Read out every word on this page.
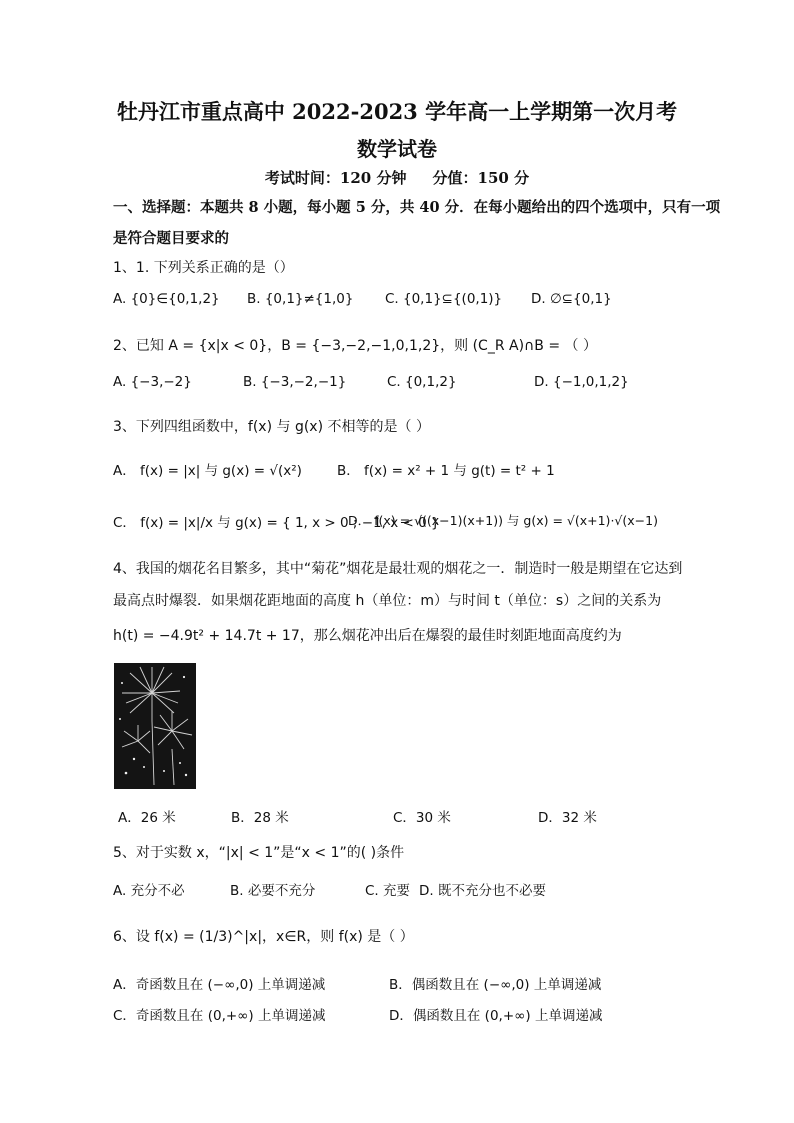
牡丹江市重点高中 2022-2023 学年高一上学期第一次月考
数学试卷
考试时间：120 分钟     分值：150 分
一、选择题：本题共 8 小题，每小题 5 分，共 40 分．在每小题给出的四个选项中，只有一项
是符合题目要求的
1、1. 下列关系正确的是（）
A. {0}∈{0,1,2} B. {0,1}≠{1,0} C. {0,1}⊆{(0,1)} D. ∅⊆{0,1}
2、已知 A = {x|x < 0}，B = {−3,−2,−1,0,1,2}，则 (C_R A)∩B = （ ）
A. {−3,−2}	B. {−3,−2,−1}	C. {0,1,2}	D. {−1,0,1,2}
3、下列四组函数中，f(x) 与 g(x) 不相等的是（ ）
A． f(x) = |x| 与 g(x) = √(x²)	B． f(x) = x² + 1 与 g(t) = t² + 1
C． f(x) = |x|/x 与 g(x) = { 1, x > 0 ; −1, x < 0 }
D． f(x) = √((x−1)(x+1)) 与 g(x) = √(x+1)·√(x−1)
4、我国的烟花名目繁多，其中“菊花”烟花是最壮观的烟花之一．制造时一般是期望在它达到
最高点时爆裂．如果烟花距地面的高度 h（单位：m）与时间 t（单位：s）之间的关系为
h(t) = −4.9t² + 14.7t + 17，那么烟花冲出后在爆裂的最佳时刻距地面高度约为
A．26 米	B．28 米	C．30 米	D．32 米
5、对于实数 x，“|x| < 1”是“x < 1”的( )条件
A. 充分不必	B. 必要不充分	C. 充要 D. 既不充分也不必要
6、设 f(x) = (1/3)^|x|，x∈R，则 f(x) 是（ ）
A．奇函数且在 (−∞,0) 上单调递减	B．偶函数且在 (−∞,0) 上单调递减
C．奇函数且在 (0,+∞) 上单调递减	D．偶函数且在 (0,+∞) 上单调递减
